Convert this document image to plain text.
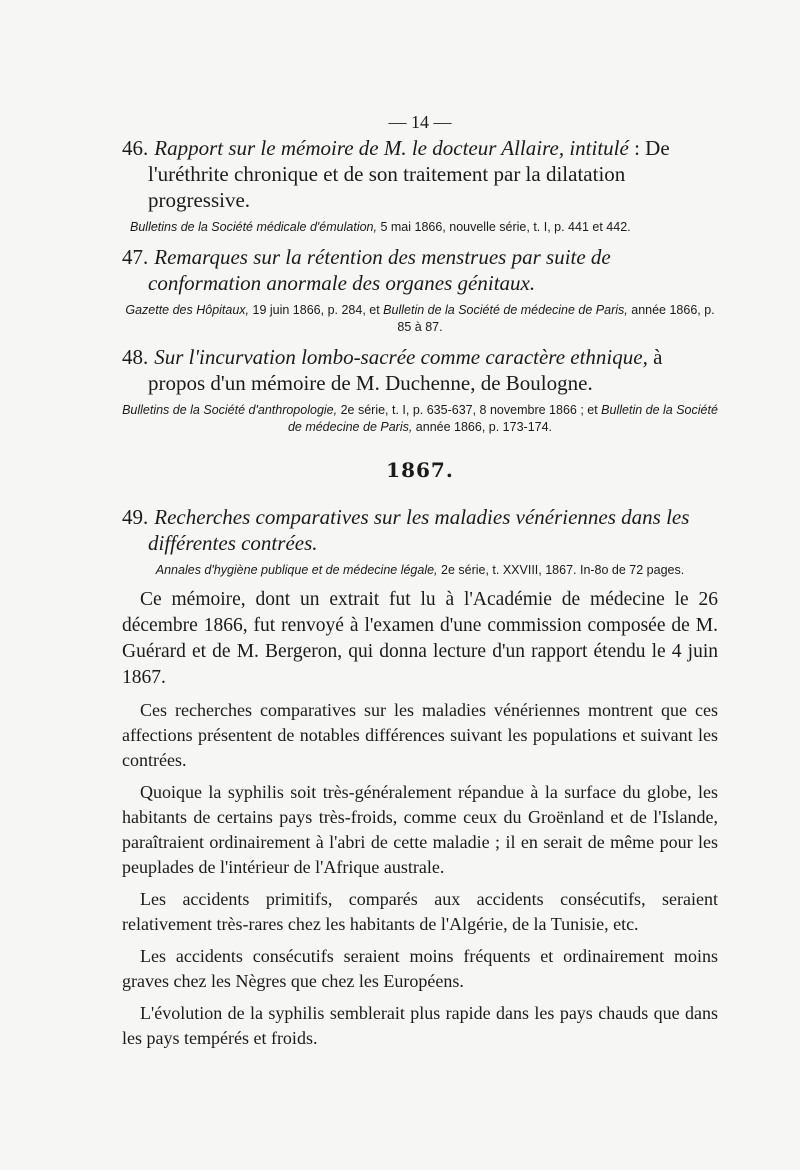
— 14 —

46. Rapport sur le mémoire de M. le docteur Allaire, intitulé : De l'uréthrite chronique et de son traitement par la dilatation progressive.

Bulletins de la Société médicale d'émulation, 5 mai 1866, nouvelle série, t. I, p. 441 et 442.

47. Remarques sur la rétention des menstrues par suite de conformation anormale des organes génitaux.

Gazette des Hôpitaux, 19 juin 1866, p. 284, et Bulletin de la Société de médecine de Paris, année 1866, p. 85 à 87.

48. Sur l'incurvation lombo-sacrée comme caractère ethnique, à propos d'un mémoire de M. Duchenne, de Boulogne.

Bulletins de la Société d'anthropologie, 2e série, t. I, p. 635-637, 8 novembre 1866 ; et Bulletin de la Société de médecine de Paris, année 1866, p. 173-174.

1867.

49. Recherches comparatives sur les maladies vénériennes dans les différentes contrées.

Annales d'hygiène publique et de médecine légale, 2e série, t. XXVIII, 1867. In-8o de 72 pages.

Ce mémoire, dont un extrait fut lu à l'Académie de médecine le 26 décembre 1866, fut renvoyé à l'examen d'une commission composée de M. Guérard et de M. Bergeron, qui donna lecture d'un rapport étendu le 4 juin 1867.

Ces recherches comparatives sur les maladies vénériennes montrent que ces affections présentent de notables différences suivant les populations et suivant les contrées.

Quoique la syphilis soit très-généralement répandue à la surface du globe, les habitants de certains pays très-froids, comme ceux du Groënland et de l'Islande, paraîtraient ordinairement à l'abri de cette maladie ; il en serait de même pour les peuplades de l'intérieur de l'Afrique australe.

Les accidents primitifs, comparés aux accidents consécutifs, seraient relativement très-rares chez les habitants de l'Algérie, de la Tunisie, etc.

Les accidents consécutifs seraient moins fréquents et ordinairement moins graves chez les Nègres que chez les Européens.

L'évolution de la syphilis semblerait plus rapide dans les pays chauds que dans les pays tempérés et froids.
